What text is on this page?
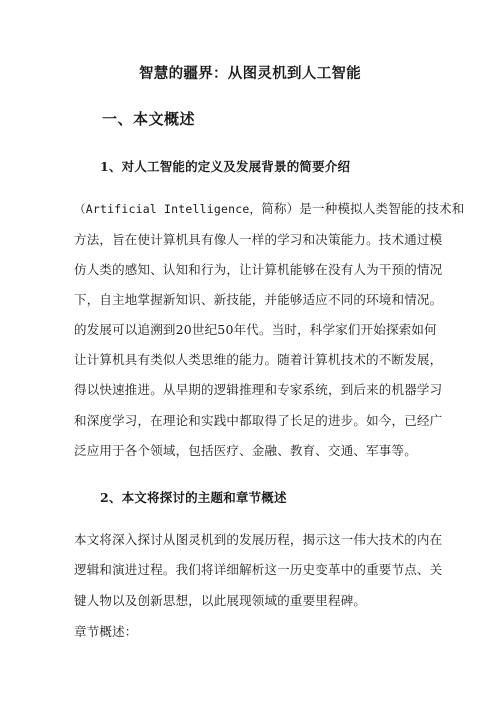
智慧的疆界：从图灵机到人工智能
一、本文概述
1、对人工智能的定义及发展背景的简要介绍
（Artificial Intelligence，简称）是一种模拟人类智能的技术和
方法，旨在使计算机具有像人一样的学习和决策能力。技术通过模
仿人类的感知、认知和行为，让计算机能够在没有人为干预的情况
下，自主地掌握新知识、新技能，并能够适应不同的环境和情况。
的发展可以追溯到20世纪50年代。当时，科学家们开始探索如何
让计算机具有类似人类思维的能力。随着计算机技术的不断发展，
得以快速推进。从早期的逻辑推理和专家系统，到后来的机器学习
和深度学习，在理论和实践中都取得了长足的进步。如今，已经广
泛应用于各个领域，包括医疗、金融、教育、交通、军事等。
2、本文将探讨的主题和章节概述
本文将深入探讨从图灵机到的发展历程，揭示这一伟大技术的内在
逻辑和演进过程。我们将详细解析这一历史变革中的重要节点、关
键人物以及创新思想，以此展现领域的重要里程碑。
章节概述：
